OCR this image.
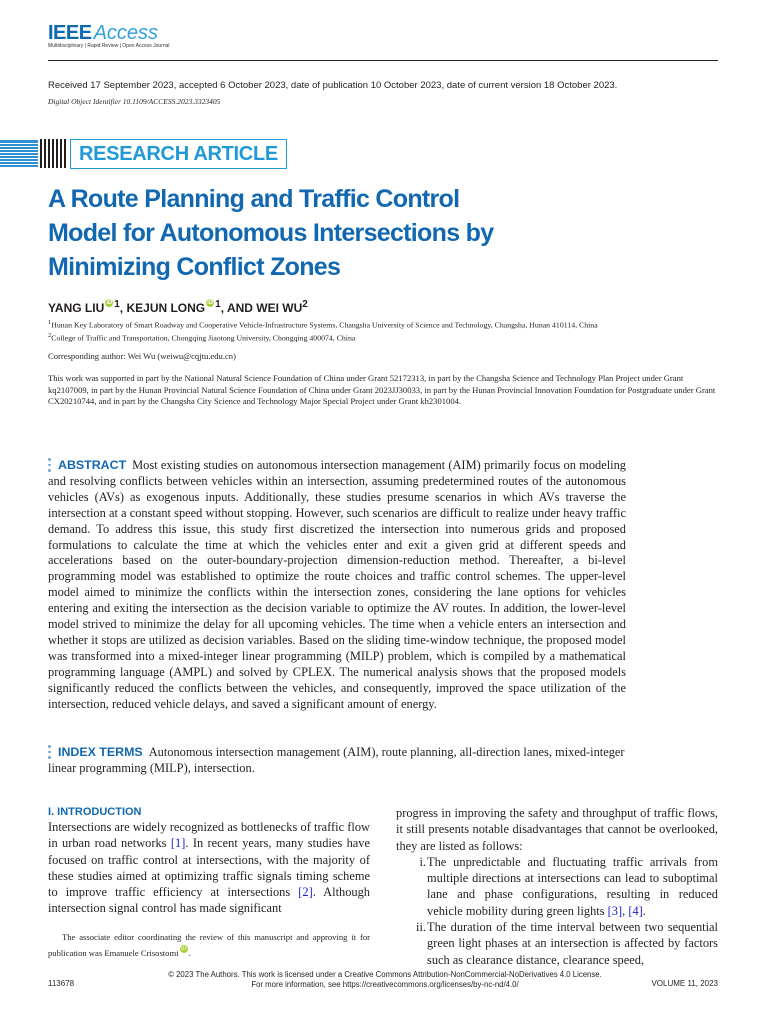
IEEE Access
Multidisciplinary | Rapid Review | Open Access Journal
Received 17 September 2023, accepted 6 October 2023, date of publication 10 October 2023, date of current version 18 October 2023.
Digital Object Identifier 10.1109/ACCESS.2023.3323405
RESEARCH ARTICLE
A Route Planning and Traffic Control Model for Autonomous Intersections by Minimizing Conflict Zones
YANG LIU iD $^1$, KEJUN LONG iD $^1$, AND WEI $WU^2$
$^1$Hunan Key Laboratory of Smart Roadway and Cooperative Vehicle-Infrastructure Systems, Changsha University of Science and Technology, Changsha, Hunan 410114, China
$^2$College of Traffic and Transportation, Chongqing Jiaotong University, Chongqing 400074, China
Corresponding author: Wei Wu (weiwu@cqjtu.edu.cn)
This work was supported in part by the National Natural Science Foundation of China under Grant 52172313, in part by the Changsha Science and Technology Plan Project under Grant kq2107009, in part by the Hunan Provincial Natural Science Foundation of China under Grant 2023JJ30033, in part by the Hunan Provincial Innovation Foundation for Postgraduate under Grant CX20210744, and in part by the Changsha City Science and Technology Major Special Project under Grant kh2301004.
ABSTRACT Most existing studies on autonomous intersection management (AIM) primarily focus on modeling and resolving conflicts between vehicles within an intersection, assuming predetermined routes of the autonomous vehicles (AVs) as exogenous inputs. Additionally, these studies presume scenarios in which AVs traverse the intersection at a constant speed without stopping. However, such scenarios are difficult to realize under heavy traffic demand. To address this issue, this study first discretized the intersection into numerous grids and proposed formulations to calculate the time at which the vehicles enter and exit a given grid at different speeds and accelerations based on the outer-boundary-projection dimension-reduction method. Thereafter, a bi-level programming model was established to optimize the route choices and traffic control schemes. The upper-level model aimed to minimize the conflicts within the intersection zones, considering the lane options for vehicles entering and exiting the intersection as the decision variable to optimize the AV routes. In addition, the lower-level model strived to minimize the delay for all upcoming vehicles. The time when a vehicle enters an intersection and whether it stops are utilized as decision variables. Based on the sliding time-window technique, the proposed model was transformed into a mixed-integer linear programming (MILP) problem, which is compiled by a mathematical programming language (AMPL) and solved by CPLEX. The numerical analysis shows that the proposed models significantly reduced the conflicts between the vehicles, and consequently, improved the space utilization of the intersection, reduced vehicle delays, and saved a significant amount of energy.
INDEX TERMS Autonomous intersection management (AIM), route planning, all-direction lanes, mixed-integer linear programming (MILP), intersection.
I. INTRODUCTION
Intersections are widely recognized as bottlenecks of traffic flow in urban road networks [1]. In recent years, many studies have focused on traffic control at intersections, with the majority of these studies aimed at optimizing traffic signals timing scheme to improve traffic efficiency at intersections [2]. Although intersection signal control has made significant
The associate editor coordinating the review of this manuscript and approving it for publication was Emanuele Crisostomi iD .
progress in improving the safety and throughput of traffic flows, it still presents notable disadvantages that cannot be overlooked, they are listed as follows:
i. The unpredictable and fluctuating traffic arrivals from multiple directions at intersections can lead to suboptimal lane and phase configurations, resulting in reduced vehicle mobility during green lights [3], [4].
ii. The duration of the time interval between two sequential green light phases at an intersection is affected by factors such as clearance distance, clearance speed,
113678
© 2023 The Authors. This work is licensed under a Creative Commons Attribution-NonCommercial-NoDerivatives 4.0 License.
For more information, see https://creativecommons.org/licenses/by-nc-nd/4.0/	VOLUME 11, 2023
